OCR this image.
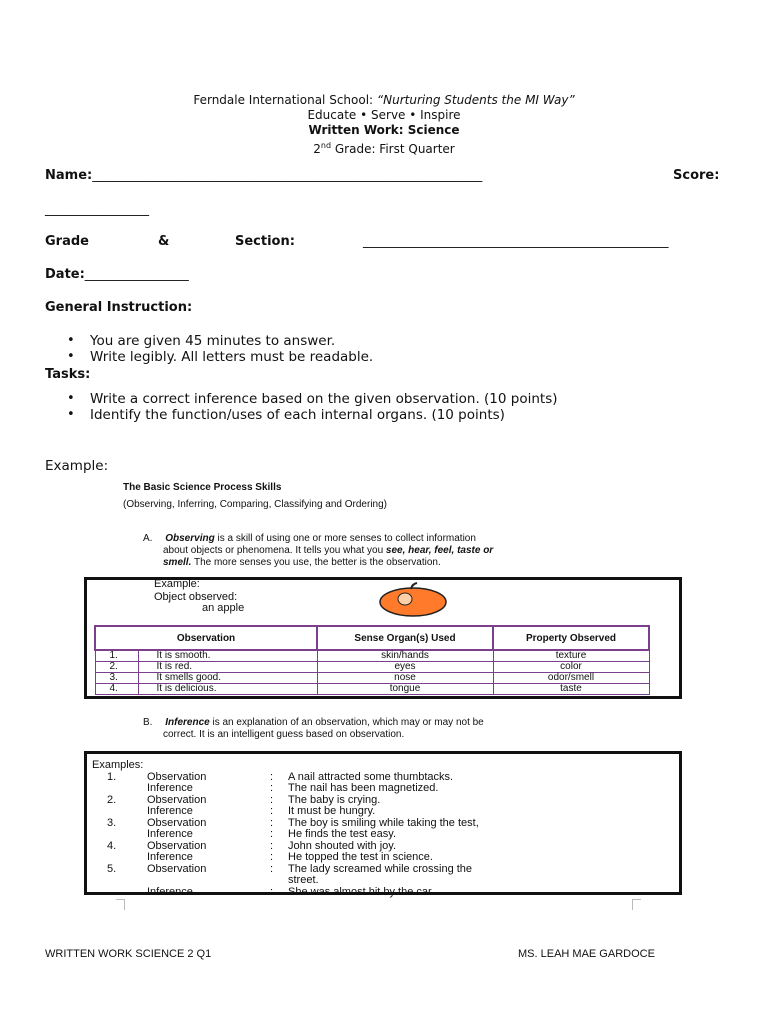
Ferndale International School: “Nurturing Students the MI Way”
Educate • Serve • Inspire
Written Work: Science
2nd Grade: First Quarter
Name:____________________________________________________________	Score:
________________
Grade	&	Section:	_______________________________________________
Date:________________
General Instruction:
• You are given 45 minutes to answer.
• Write legibly. All letters must be readable.
Tasks:
• Write a correct inference based on the given observation. (10 points)
• Identify the function/uses of each internal organs. (10 points)
Example:
The Basic Science Process Skills
(Observing, Inferring, Comparing, Classifying and Ordering)
A. Observing is a skill of using one or more senses to collect information
about objects or phenomena. It tells you what you see, hear, feel, taste or
smell. The more senses you use, the better is the observation.
Example:
Object observed:
an apple
Observation		Sense Organ(s) Used	Property Observed
1.	It is smooth.	skin/hands	texture
2.	It is red.	eyes	color
3.	It smells good.	nose	odor/smell
4.	It is delicious.	tongue	taste
B. Inference is an explanation of an observation, which may or may not be
correct. It is an intelligent guess based on observation.
Examples:
1.	Observation	: A nail attracted some thumbtacks.
Inference	: The nail has been magnetized.
2.	Observation	: The baby is crying.
Inference	: It must be hungry.
3.	Observation	: The boy is smiling while taking the test,
Inference	: He finds the test easy.
4.	Observation	: John shouted with joy.
Inference	: He topped the test in science.
5.	Observation	: The lady screamed while crossing the
street.
Inference	: She was almost hit by the car.
WRITTEN WORK SCIENCE 2 Q1	MS. LEAH MAE GARDOCE
